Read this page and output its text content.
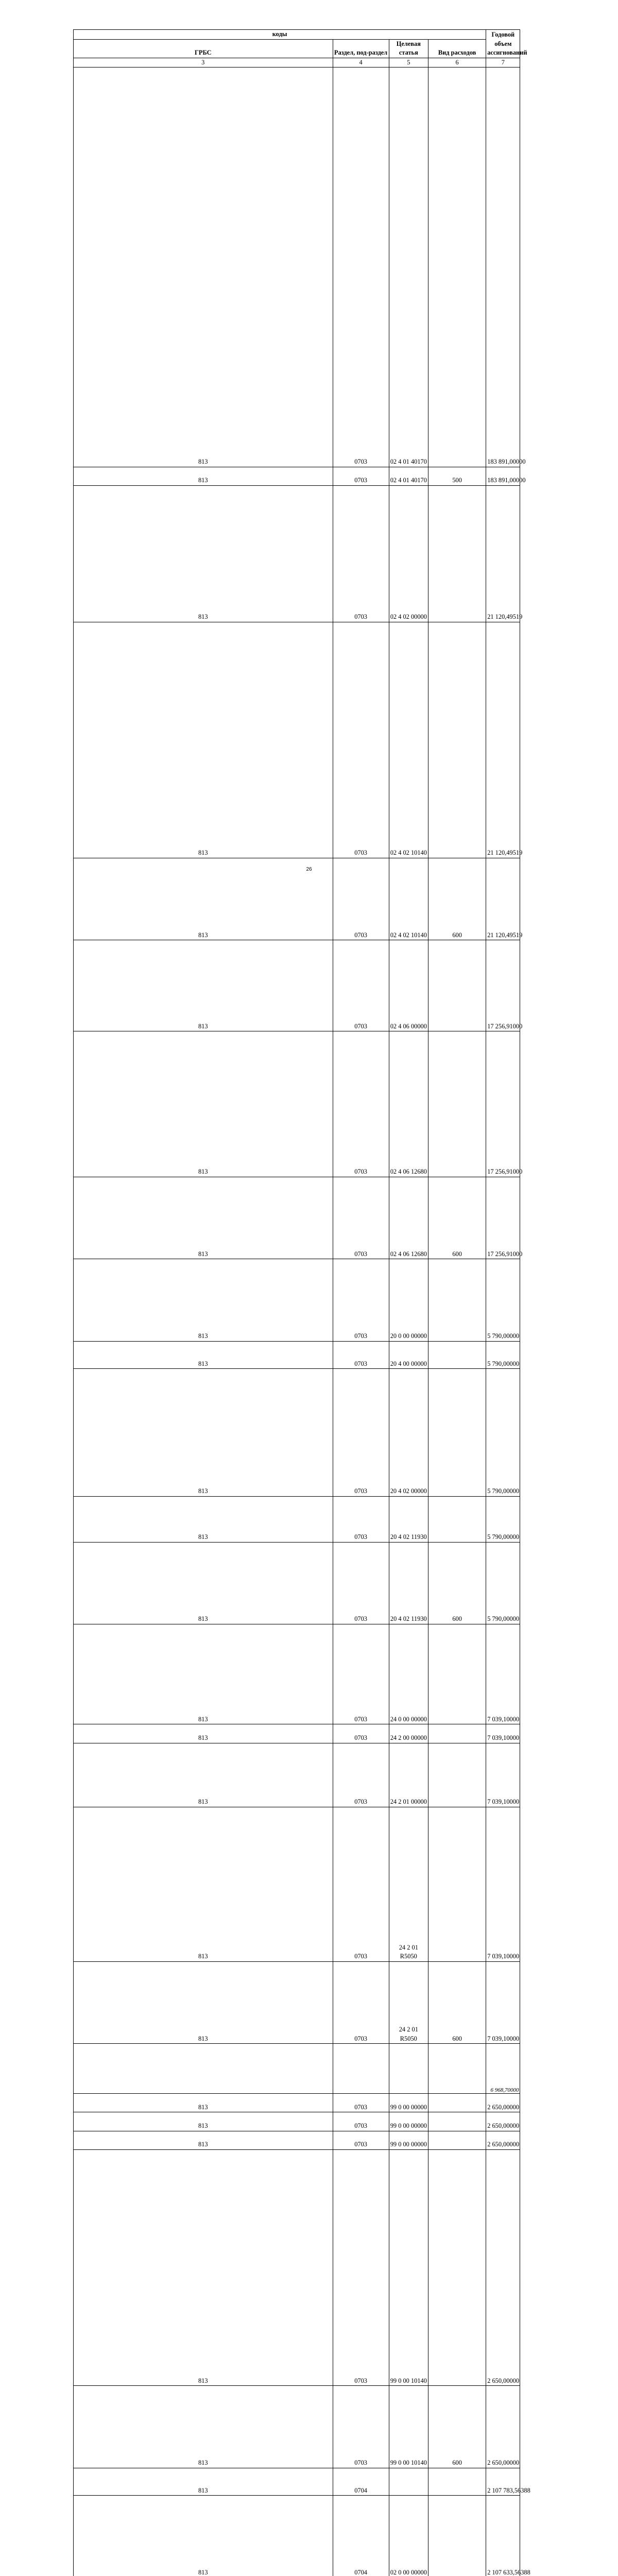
	коды				Годовой объем ассигнований
ГРБС	Раздел, под-раздел	Целевая статья	Вид расходов	

	3	4	5	6	7
	813	0703	02 4 01 40170		183 891,00000
	813	0703	02 4 01 40170	500	183 891,00000
	813	0703	02 4 02 00000		21 120,49519
	813	0703	02 4 02 10140		21 120,49519
	813	0703	02 4 02 10140	600	21 120,49519
	813	0703	02 4 06 00000		17 256,91000
	813	0703	02 4 06 12680		17 256,91000
	813	0703	02 4 06 12680	600	17 256,91000
	813	0703	20 0 00 00000		5 790,00000
	813	0703	20 4 00 00000		5 790,00000
	813	0703	20 4 02 00000		5 790,00000
	813	0703	20 4 02 11930		5 790,00000
	813	0703	20 4 02 11930	600	5 790,00000
	813	0703	24 0 00 00000		7 039,10000
	813	0703	24 2 00 00000		7 039,10000
	813	0703	24 2 01 00000		7 039,10000
	813	0703	24 2 01 R5050		7 039,10000
	813	0703	24 2 01 R5050	600	7 039,10000
					6 968,70000
	813	0703	99 0 00 00000		2 650,00000
	813	0703	99 0 00 00000		2 650,00000
	813	0703	99 0 00 00000		2 650,00000
	813	0703	99 0 00 10140		2 650,00000
	813	0703	99 0 00 10140	600	2 650,00000
	813	0704			2 107 783,56388
	813	0704	02 0 00 00000		2 107 633,56388

26
